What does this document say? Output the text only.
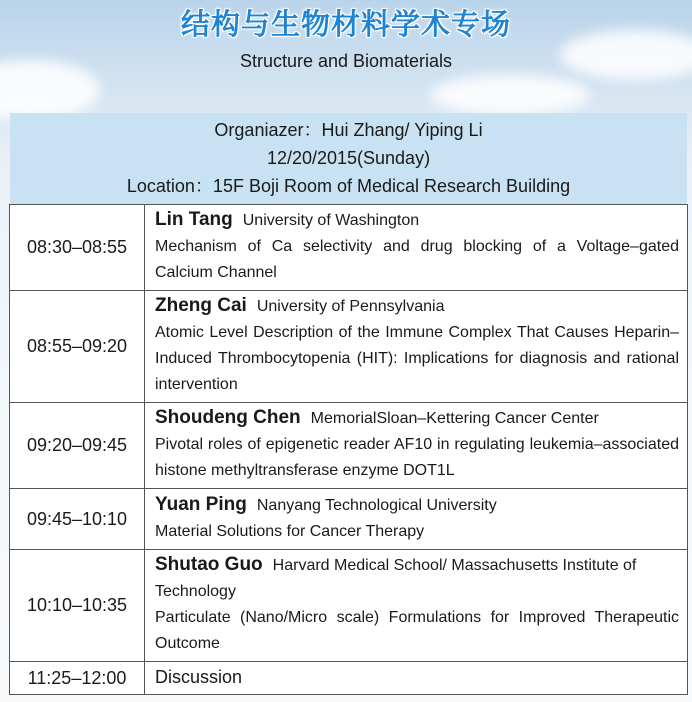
结构与生物材料学术专场
Structure and Biomaterials
Organiazer：Hui Zhang/ Yiping Li
12/20/2015(Sunday)
Location：15F Boji Room of Medical Research Building
08:30–08:55	Lin Tang University of Washington
Mechanism of Ca selectivity and drug blocking of a Voltage–gated Calcium Channel

08:55–09:20	Zheng Cai University of Pennsylvania
Atomic Level Description of the Immune Complex That Causes Heparin–Induced Thrombocytopenia (HIT): Implications for diagnosis and rational intervention

09:20–09:45	Shoudeng Chen MemorialSloan–Kettering Cancer Center
Pivotal roles of epigenetic reader AF10 in regulating leukemia–associated histone methyltransferase enzyme DOT1L

09:45–10:10	Yuan Ping Nanyang Technological University
Material Solutions for Cancer Therapy

10:10–10:35	Shutao Guo Harvard Medical School/ Massachusetts Institute of Technology
Particulate (Nano/Micro scale) Formulations for Improved Therapeutic Outcome

11:25–12:00	Discussion
